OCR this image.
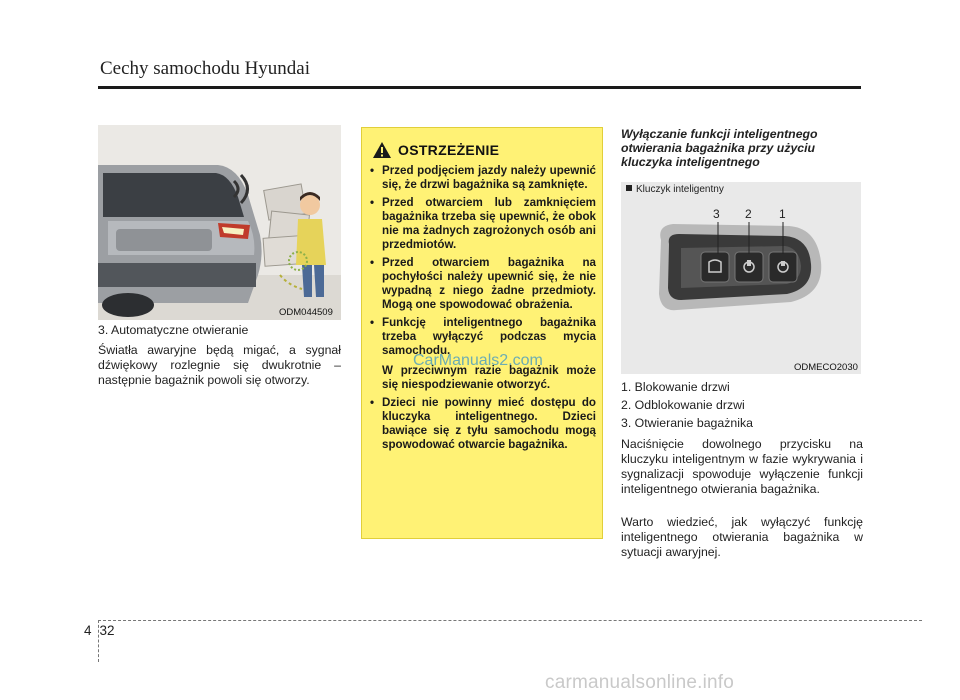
Cechy samochodu Hyundai
ODM044509
3. Automatyczne otwieranie
Światła awaryjne będą migać, a sygnał dźwiękowy rozlegnie się dwukrotnie – następnie bagażnik powoli się otworzy.
OSTRZEŻENIE
• Przed podjęciem jazdy należy upewnić się, że drzwi bagażnika są zamknięte.
• Przed otwarciem lub zamknięciem bagażnika trzeba się upewnić, że obok nie ma żadnych zagrożonych osób ani przedmiotów.
• Przed otwarciem bagażnika na pochyłości należy upewnić się, że nie wypadną z niego żadne przedmioty. Mogą one spowodować obrażenia.
• Funkcję inteligentnego bagażnika trzeba wyłączyć podczas mycia samochodu.
W przeciwnym razie bagażnik może się niespodziewanie otworzyć.
• Dzieci nie powinny mieć dostępu do kluczyka inteligentnego. Dzieci bawiące się z tyłu samochodu mogą spowodować otwarcie bagażnika.
CarManuals2.com
Wyłączanie funkcji inteligentnego otwierania bagażnika przy użyciu kluczyka inteligentnego
3 2 1
Kluczyk inteligentny
ODMECO2030
1. Blokowanie drzwi
2. Odblokowanie drzwi
3. Otwieranie bagażnika
Naciśnięcie dowolnego przycisku na kluczyku inteligentnym w fazie wykrywania i sygnalizacji spowoduje wyłączenie funkcji inteligentnego otwierania bagażnika.
Warto wiedzieć, jak wyłączyć funkcję inteligentnego otwierania bagażnika w sytuacji awaryjnej.
4 32
carmanualsonline.info
